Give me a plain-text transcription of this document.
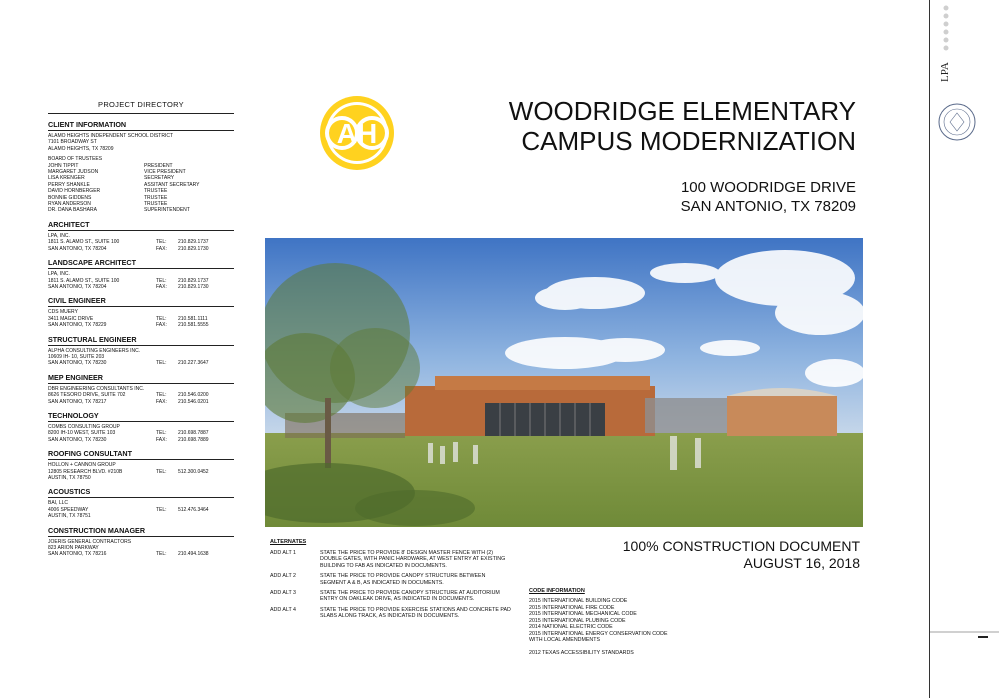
PROJECT DIRECTORY
CLIENT INFORMATION
ALAMO HEIGHTS INDEPENDENT SCHOOL DISTRICT
7101 BROADWAY ST
ALAMO HEIGHTS, TX 78209
BOARD OF TRUSTEES
JOHN TIPPIT	PRESIDENT
MARGARET JUDSON	VICE PRESIDENT
LISA KRENGER	SECRETARY
PERRY SHANKLE	ASSITANT SECRETARY
DAVID HORNBERGER	TRUSTEE
BONNIE GIDDENS	TRUSTEE
RYAN ANDERSON	TRUSTEE
DR. DANA BASHARA	SUPERINTENDENT
ARCHITECT
LPA, INC.
1811 S. ALAMO ST., SUITE 100	TEL:	210.829.1737
SAN ANTONIO, TX 78204	FAX:	210.829.1730
LANDSCAPE ARCHITECT
LPA, INC.
1811 S. ALAMO ST., SUITE 100	TEL:	210.829.1737
SAN ANTONIO, TX 78204	FAX:	210.829.1730
CIVIL ENGINEER
CDS MUERY
3411 MAGIC DRIVE	TEL:	210.581.1111
SAN ANTONIO, TX 78229	FAX:	210.581.5555
STRUCTURAL ENGINEER
ALPHA CONSULTING ENGINEERS INC.
10609 IH- 10, SUITE 203
SAN ANTONIO, TX 78230	TEL:	210.227.3647
MEP ENGINEER
DBR ENGINEERING CONSULTANTS INC.
8626 TESORO DRIVE, SUITE 702	TEL:	210.546.0200
SAN ANTONIO, TX 78217	FAX:	210.546.0201
TECHNOLOGY
COMBS CONSULTING GROUP
8200 IH-10 WEST, SUITE 103	TEL:	210.698.7887
SAN ANTONIO, TX 78230	FAX:	210.698.7889
ROOFING CONSULTANT
HOLLON + CANNON GROUP
12805 RESEARCH BLVD. #210B	TEL:	512.300.0452
AUSTIN, TX 78750
ACOUSTICS
BAI, LLC
4006 SPEEDWAY	TEL:	512.476.3464
AUSTIN, TX 78751
CONSTRUCTION MANAGER
JOERIS GENERAL CONTRACTORS
823 ARION PARKWAY
SAN ANTONIO, TX 78216	TEL:	210.494.1638
AH
WOODRIDGE ELEMENTARY
CAMPUS MODERNIZATION
100 WOODRIDGE DRIVE
SAN ANTONIO, TX 78209
100% CONSTRUCTION DOCUMENT
AUGUST 16, 2018
ALTERNATES
ADD ALT 1	STATE THE PRICE TO PROVIDE 8' DESIGN MASTER FENCE WITH (2) DOUBLE GATES, WITH PANIC HARDWARE, AT WEST ENTRY AT EXISTING BUILDING TO FAB AS INDICATED IN DOCUMENTS.
ADD ALT 2	STATE THE PRICE TO PROVIDE CANOPY STRUCTURE BETWEEN SEGMENT A & B, AS INDICATED IN DOCUMENTS.
ADD ALT 3	STATE THE PRICE TO PROVIDE CANOPY STRUCTURE AT AUDITORIUM ENTRY ON OAKLEAK DRIVE, AS INDICATED IN DOCUMENTS.
ADD ALT 4	STATE THE PRICE TO PROVIDE EXERCISE STATIONS AND CONCRETE PAD SLABS ALONG TRACK, AS INDICATED IN DOCUMENTS.
CODE INFORMATION
2015 INTERNATIONAL BUILDING CODE
2015 INTERNATIONAL FIRE CODE
2015 INTERNATIONAL MECHANICAL CODE
2015 INTERNATIONAL PLUBING CODE
2014 NATIONAL ELECTRIC CODE
2015 INTERNATIONAL ENERGY CONSERVATION CODE
WITH LOCAL AMENDMENTS
2012 TEXAS ACCESSIBILITY STANDARDS
LPA
